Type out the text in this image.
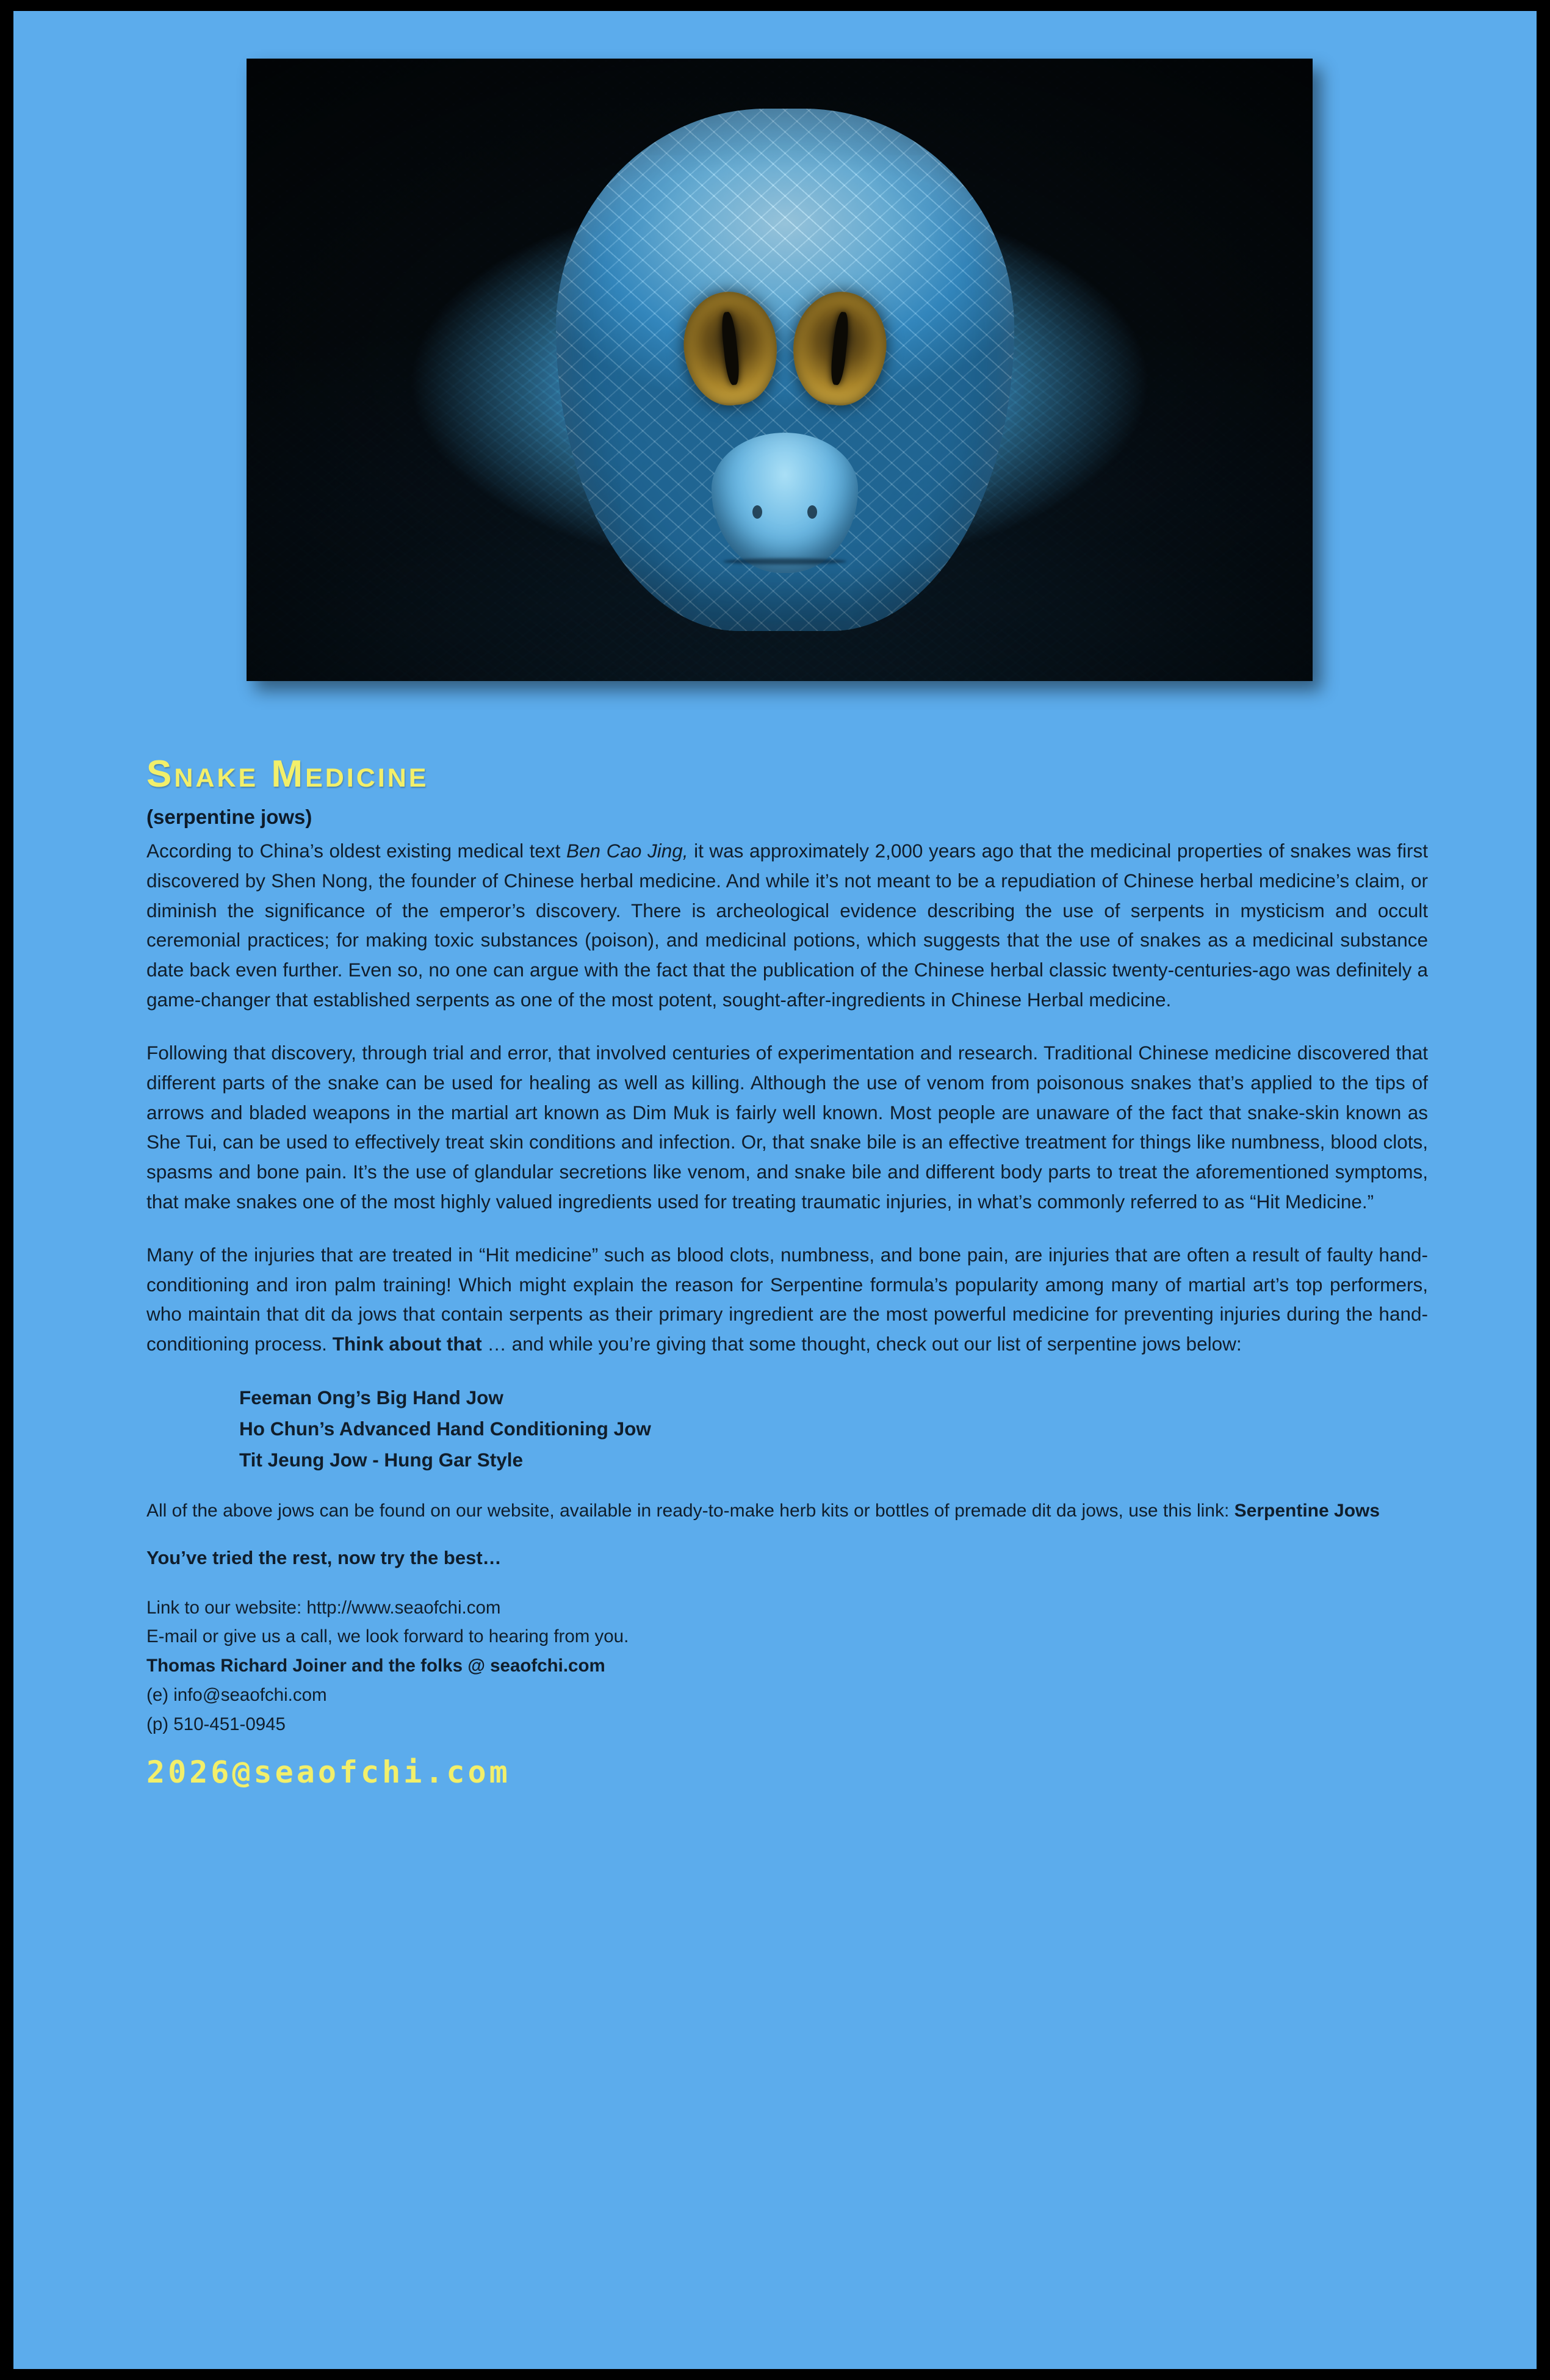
Snake Medicine
(serpentine jows)

According to China’s oldest existing medical text Ben Cao Jing, it was approximately 2,000 years ago that the medicinal properties of snakes was first discovered by Shen Nong, the founder of Chinese herbal medicine. And while it’s not meant to be a repudiation of Chinese herbal medicine’s claim, or diminish the significance of the emperor’s discovery. There is archeological evidence describing the use of serpents in mysticism and occult ceremonial practices; for making toxic substances (poison), and medicinal potions, which suggests that the use of snakes as a medicinal substance date back even further. Even so, no one can argue with the fact that the publication of the Chinese herbal classic twenty-centuries-ago was definitely a game-changer that established serpents as one of the most potent, sought-after-ingredients in Chinese Herbal medicine.

Following that discovery, through trial and error, that involved centuries of experimentation and research. Traditional Chinese medicine discovered that different parts of the snake can be used for healing as well as killing. Although the use of venom from poisonous snakes that’s applied to the tips of arrows and bladed weapons in the martial art known as Dim Muk is fairly well known. Most people are unaware of the fact that snake-skin known as She Tui, can be used to effectively treat skin conditions and infection. Or, that snake bile is an effective treatment for things like numbness, blood clots, spasms and bone pain. It’s the use of glandular secretions like venom, and snake bile and different body parts to treat the aforementioned symptoms, that make snakes one of the most highly valued ingredients used for treating traumatic injuries, in what’s commonly referred to as “Hit Medicine.”

Many of the injuries that are treated in “Hit medicine” such as blood clots, numbness, and bone pain, are injuries that are often a result of faulty hand-conditioning and iron palm training! Which might explain the reason for Serpentine formula’s popularity among many of martial art’s top performers, who maintain that dit da jows that contain serpents as their primary ingredient are the most powerful medicine for preventing injuries during the hand-conditioning process. Think about that … and while you’re giving that some thought, check out our list of serpentine jows below:

Feeman Ong’s Big Hand Jow
Ho Chun’s Advanced Hand Conditioning Jow
Tit Jeung Jow - Hung Gar Style

All of the above jows can be found on our website, available in ready-to-make herb kits or bottles of premade dit da jows, use this link: Serpentine Jows

You’ve tried the rest, now try the best…
Link to our website: http://www.seaofchi.com
E-mail or give us a call, we look forward to hearing from you.
Thomas Richard Joiner and the folks @ seaofchi.com
(e) info@seaofchi.com
(p) 510-451-0945
2026@seaofchi.com
